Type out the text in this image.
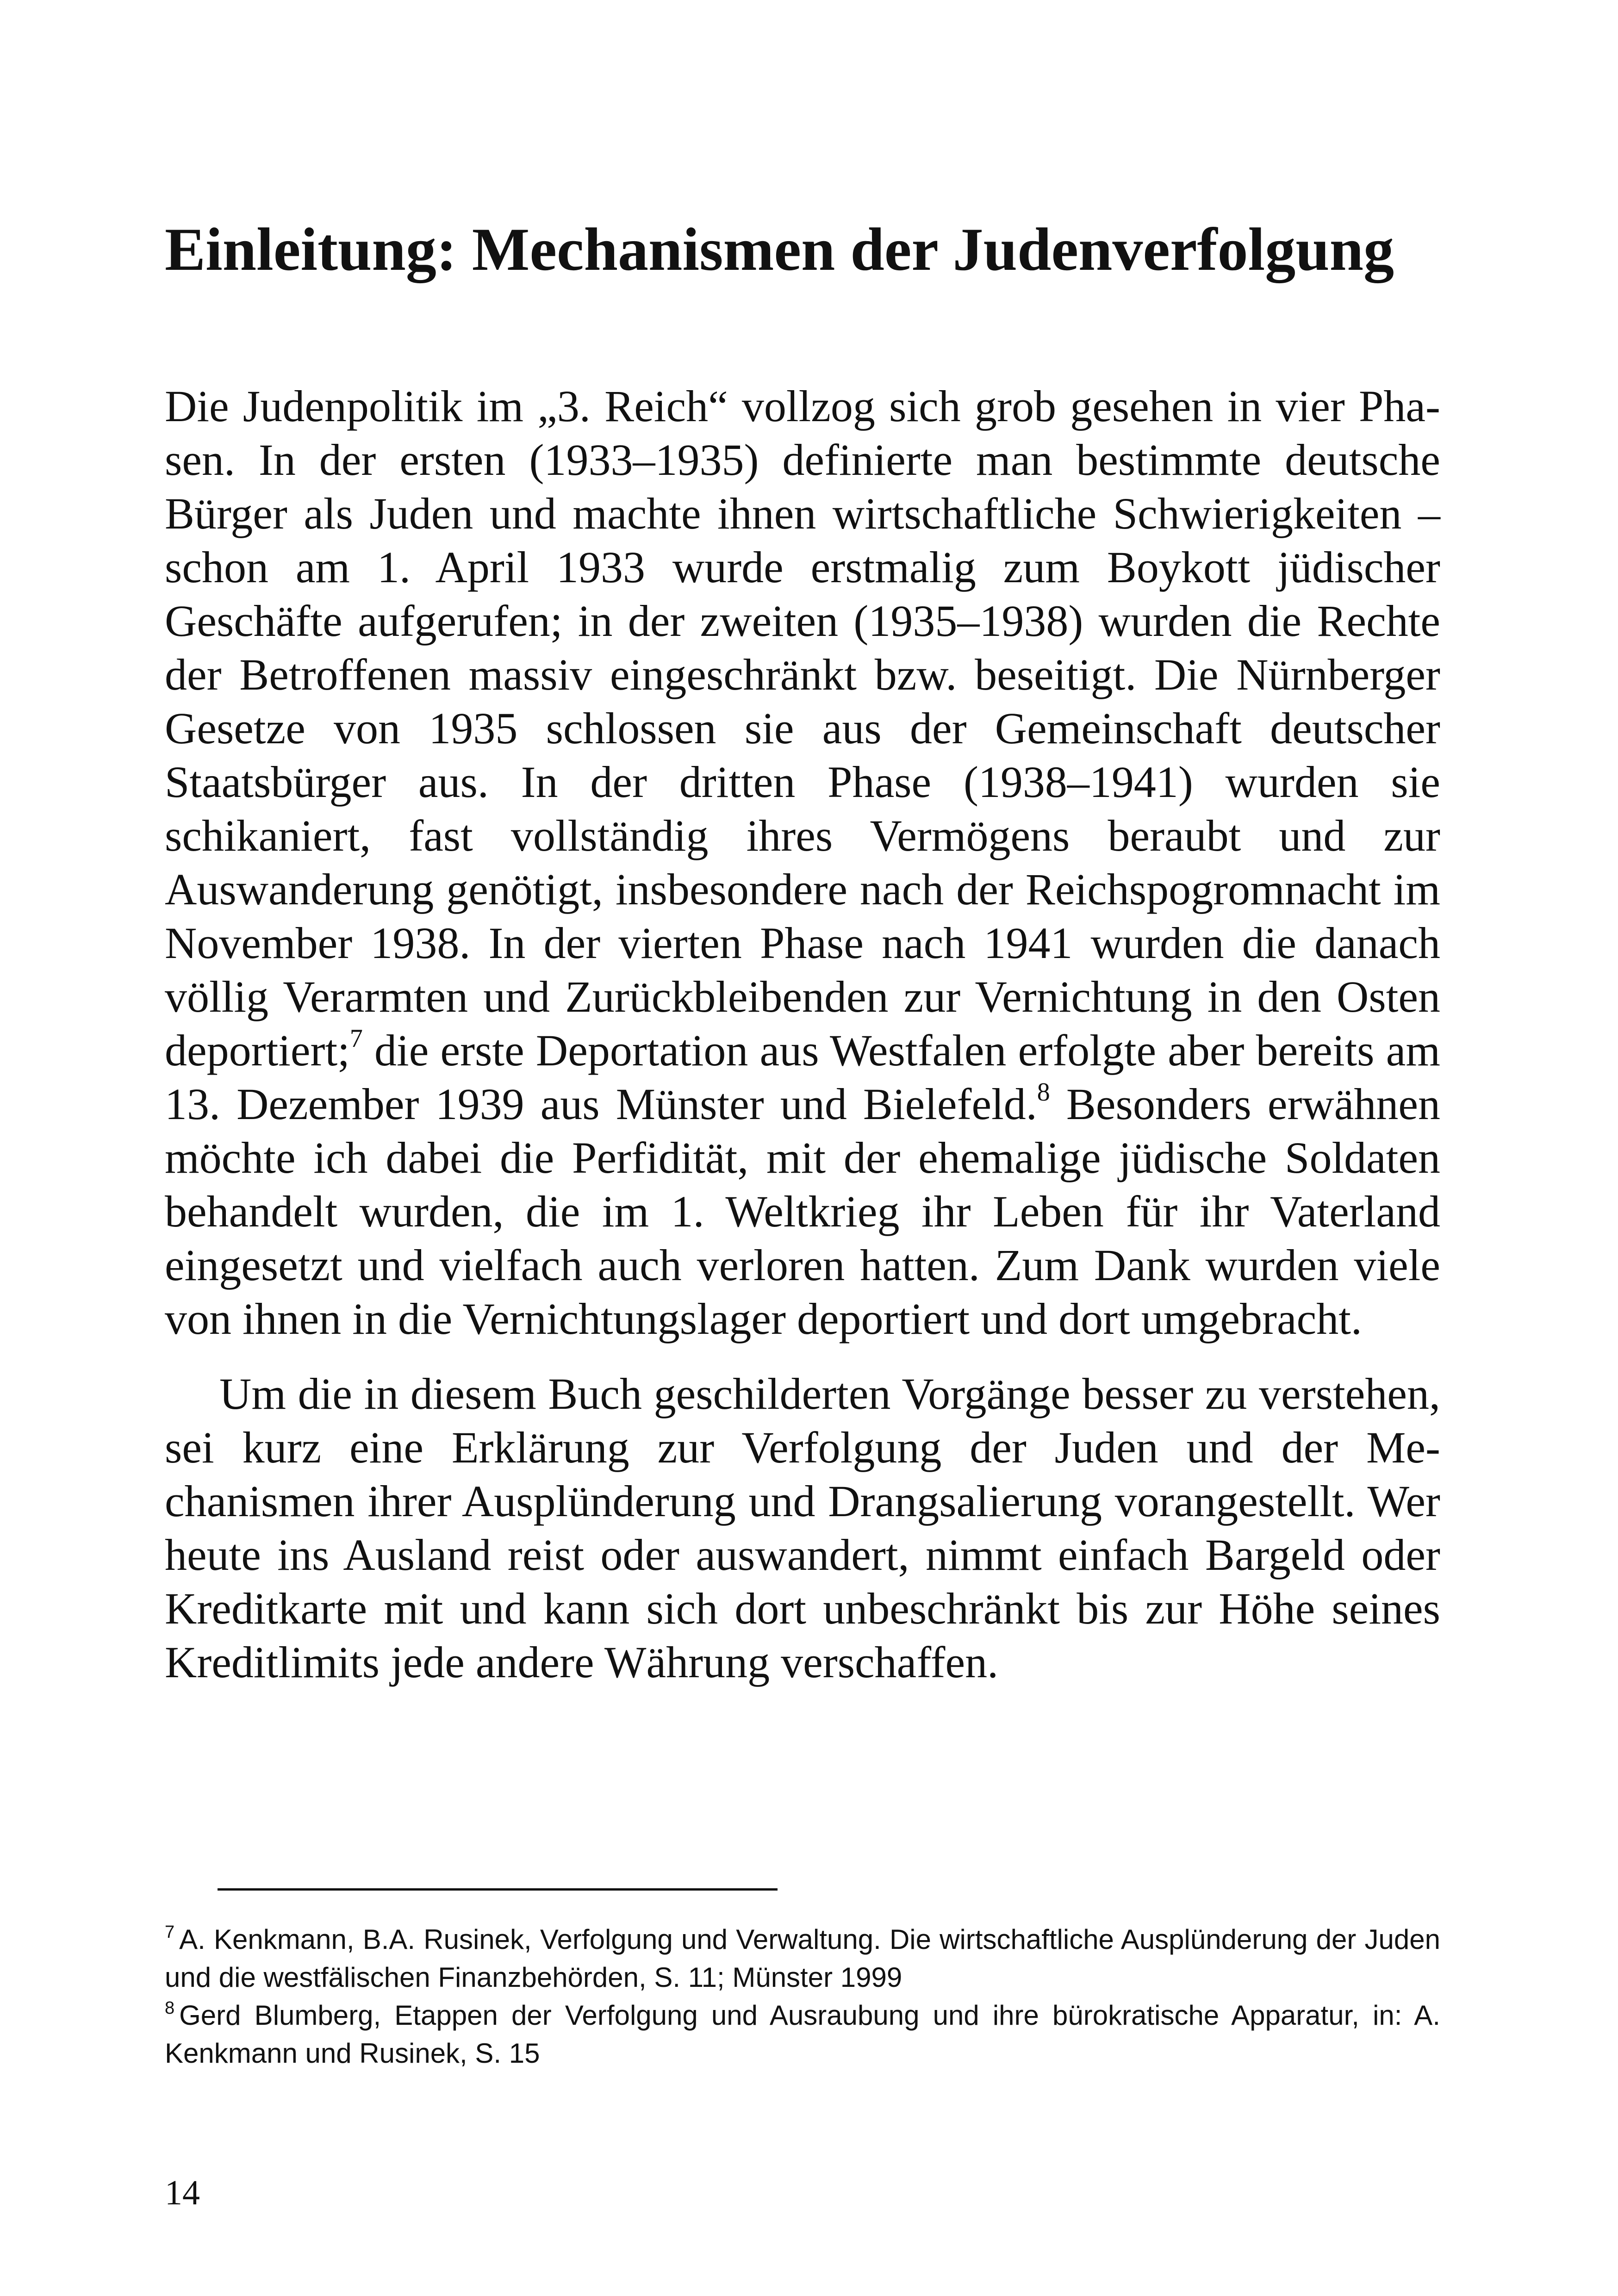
Einleitung: Mechanismen der Judenverfolgung

Die Judenpolitik im „3. Reich“ vollzog sich grob gesehen in vier Phasen. In der ersten (1933–1935) definierte man bestimmte deutsche Bürger als Juden und machte ihnen wirtschaftliche Schwierigkeiten – schon am 1. April 1933 wurde erstmalig zum Boykott jüdischer Geschäfte aufgerufen; in der zweiten (1935–1938) wurden die Rechte der Betroffenen massiv eingeschränkt bzw. beseitigt. Die Nürnberger Gesetze von 1935 schlossen sie aus der Gemeinschaft deutscher Staatsbürger aus. In der dritten Phase (1938–1941) wurden sie schikaniert, fast vollständig ihres Vermögens beraubt und zur Auswanderung genötigt, insbesondere nach der Reichspogromnacht im November 1938. In der vierten Phase nach 1941 wurden die danach völlig Verarmten und Zurückbleibenden zur Vernichtung in den Osten deportiert;$^7$ die erste Deportation aus Westfalen erfolgte aber bereits am 13. Dezember 1939 aus Münster und Bielefeld.$^8$ Besonders erwähnen möchte ich dabei die Perfidität, mit der ehemalige jüdische Soldaten behandelt wurden, die im 1. Weltkrieg ihr Leben für ihr Vaterland eingesetzt und vielfach auch verloren hatten. Zum Dank wurden viele von ihnen in die Vernichtungslager deportiert und dort umgebracht.

Um die in diesem Buch geschilderten Vorgänge besser zu verstehen, sei kurz eine Erklärung zur Verfolgung der Juden und der Mechanismen ihrer Ausplünderung und Drangsalierung vorangestellt. Wer heute ins Ausland reist oder auswandert, nimmt einfach Bargeld oder Kreditkarte mit und kann sich dort unbeschränkt bis zur Höhe seines Kreditlimits jede andere Währung verschaffen.

$^7$ A. Kenkmann, B.A. Rusinek, Verfolgung und Verwaltung. Die wirtschaftliche Ausplünderung der Juden und die westfälischen Finanzbehörden, S. 11; Münster 1999

$^8$ Gerd Blumberg, Etappen der Verfolgung und Ausraubung und ihre bürokratische Apparatur, in: A. Kenkmann und Rusinek, S. 15

14
